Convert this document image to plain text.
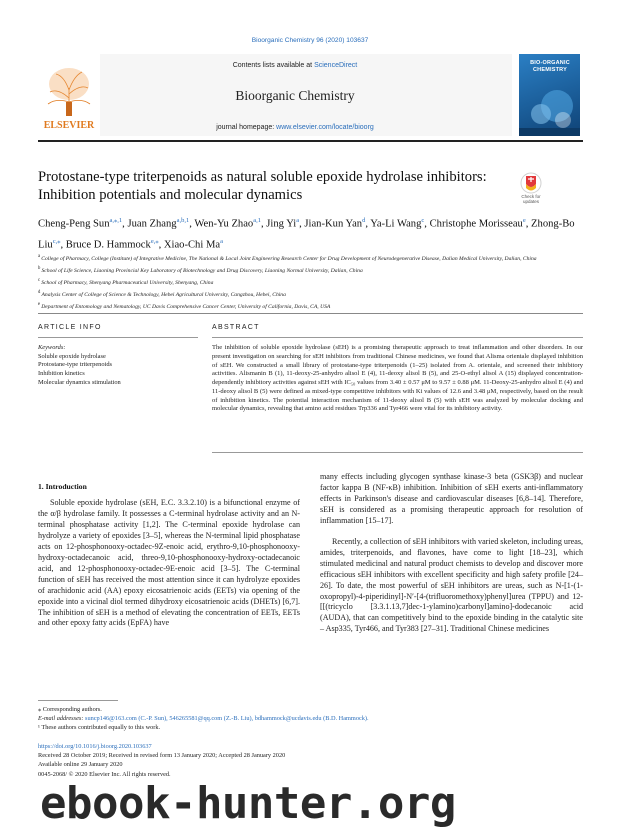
Bioorganic Chemistry 96 (2020) 103637
ELSEVIER
Contents lists available at ScienceDirect
Bioorganic Chemistry
journal homepage: www.elsevier.com/locate/bioorg
BIO-ORGANIC CHEMISTRY
Protostane-type triterpenoids as natural soluble epoxide hydrolase inhibitors: Inhibition potentials and molecular dynamics	Check for updates
Cheng-Peng Sun$^{a,⁎,1}$, Juan Zhang$^{a,b,1}$, Wen-Yu Zhao$^{a,1}$, Jing Yi$^a$, Jian-Kun Yan$^d$, Ya-Li Wang$^c$, Christophe Morisseau$^e$, Zhong-Bo Liu$^{c,⁎}$, Bruce D. Hammock$^{e,⁎}$, Xiao-Chi Ma$^a$

$^a$ College of Pharmacy, College (Institute) of Integrative Medicine, The National & Local Joint Engineering Research Center for Drug Development of Neurodegenerative Disease, Dalian Medical University, Dalian, China

$^b$ School of Life Science, Liaoning Provincial Key Laboratory of Biotechnology and Drug Discovery, Liaoning Normal University, Dalian, China

$^c$ School of Pharmacy, Shenyang Pharmaceutical University, Shenyang, China

$^d$ Analysis Center of College of Science & Technology, Hebei Agricultural University, Cangzhou, Hebei, China

$^e$ Department of Entomology and Nematology, UC Davis Comprehensive Cancer Center, University of California, Davis, CA, USA

ARTICLE INFO	ABSTRACT
Keywords:
Soluble epoxide hydrolase
Protostane-type triterpenoids
Inhibition kinetics
Molecular dynamics stimulation
The inhibition of soluble epoxide hydrolase (sEH) is a promising therapeutic approach to treat inflammation and other disorders. In our present investigation on searching for sEH inhibitors from traditional Chinese medicines, we found that Alisma orientale displayed inhibition of sEH. We constructed a small library of protostane-type triterpenoids (1–25) isolated from A. orientale, and screened their inhibitory activities. Alismanin B (1), 11-deoxy-25-anhydro alisol E (4), 11-deoxy alisol B (5), and 25-O-ethyl alisol A (15) displayed concentration-dependently inhibitory activities against sEH with IC₅₀ values from 3.40 ± 0.57 μM to 9.57 ± 0.88 μM. 11-Deoxy-25-anhydro alisol E (4) and 11-deoxy alisol B (5) were defined as mixed-type competitive inhibitors with Ki values of 12.6 and 3.48 μM, respectively, based on the result of inhibition kinetics. The potential interaction mechanism of 11-deoxy alisol B (5) with sEH was analyzed by molecular docking and molecular dynamics, revealing that amino acid residues Trp336 and Tyr466 were vital for its inhibitory activity.
1. Introduction

Soluble epoxide hydrolase (sEH, E.C. 3.3.2.10) is a bifunctional enzyme of the α/β hydrolase family. It possesses a C-terminal hydrolase activity and an N-terminal phosphatase activity [1,2]. The C-terminal epoxide hydrolase can hydrolyze a variety of epoxides [3–5], whereas the N-terminal lipid phosphatase acts on 12-phosphonooxy-octadec-9Z-enoic acid, erythro-9,10-phosphonooxy-hydroxy-octadecanoic acid, threo-9,10-phosphonooxy-hydroxy-octadecanoic acid, and 12-phosphonooxy-octadec-9E-enoic acid [3–5]. The C-terminal function of sEH has received the most attention since it can hydrolyze epoxides of arachidonic acid (AA) epoxy eicosatrienoic acids (EETs) via opening of the epoxide into a vicinal diol termed dihydroxy eicosatrienoic acids (DHETs) [6,7]. The inhibition of sEH is a method of elevating the concentration of EETs, EETs and other epoxy fatty acids (EpFA) have

many effects including glycogen synthase kinase-3 beta (GSK3β) and nuclear factor kappa B (NF-κB) inhibition. Inhibition of sEH exerts anti-inflammatory effects in Parkinson's disease and cardiovascular diseases [6,8–14]. Therefore, sEH is considered as a promising therapeutic approach for resolution of inflammation [15–17].

Recently, a collection of sEH inhibitors with varied skeleton, including ureas, amides, triterpenoids, and flavones, have come to light [18–23], which stimulated medicinal and natural product chemists to develop and discover more efficacious sEH inhibitors with excellent specificity and high safety profile [24–26]. To date, the most powerful of sEH inhibitors are ureas, such as N-[1-(1-oxopropyl)-4-piperidinyl]-N′-[4-(trifluoromethoxy)phenyl]urea (TPPU) and 12-[[(tricyclo [3.3.1.13,7]dec-1-ylamino)carbonyl]amino]-dodecanoic acid (AUDA), that can competitively bind to the epoxide binding in the catalytic site – Asp335, Tyr466, and Tyr383 [27–31]. Traditional Chinese medicines

⁎ Corresponding authors.

E-mail addresses: suncp146@163.com (C.-P. Sun), 546265581@qq.com (Z.-B. Liu), bdhammock@ucdavis.edu (B.D. Hammock).

¹ These authors contributed equally to this work.

https://doi.org/10.1016/j.bioorg.2020.103637

Received 28 October 2019; Received in revised form 13 January 2020; Accepted 28 January 2020

Available online 29 January 2020

0045-2068/ © 2020 Elsevier Inc. All rights reserved.

ebook-hunter.org
